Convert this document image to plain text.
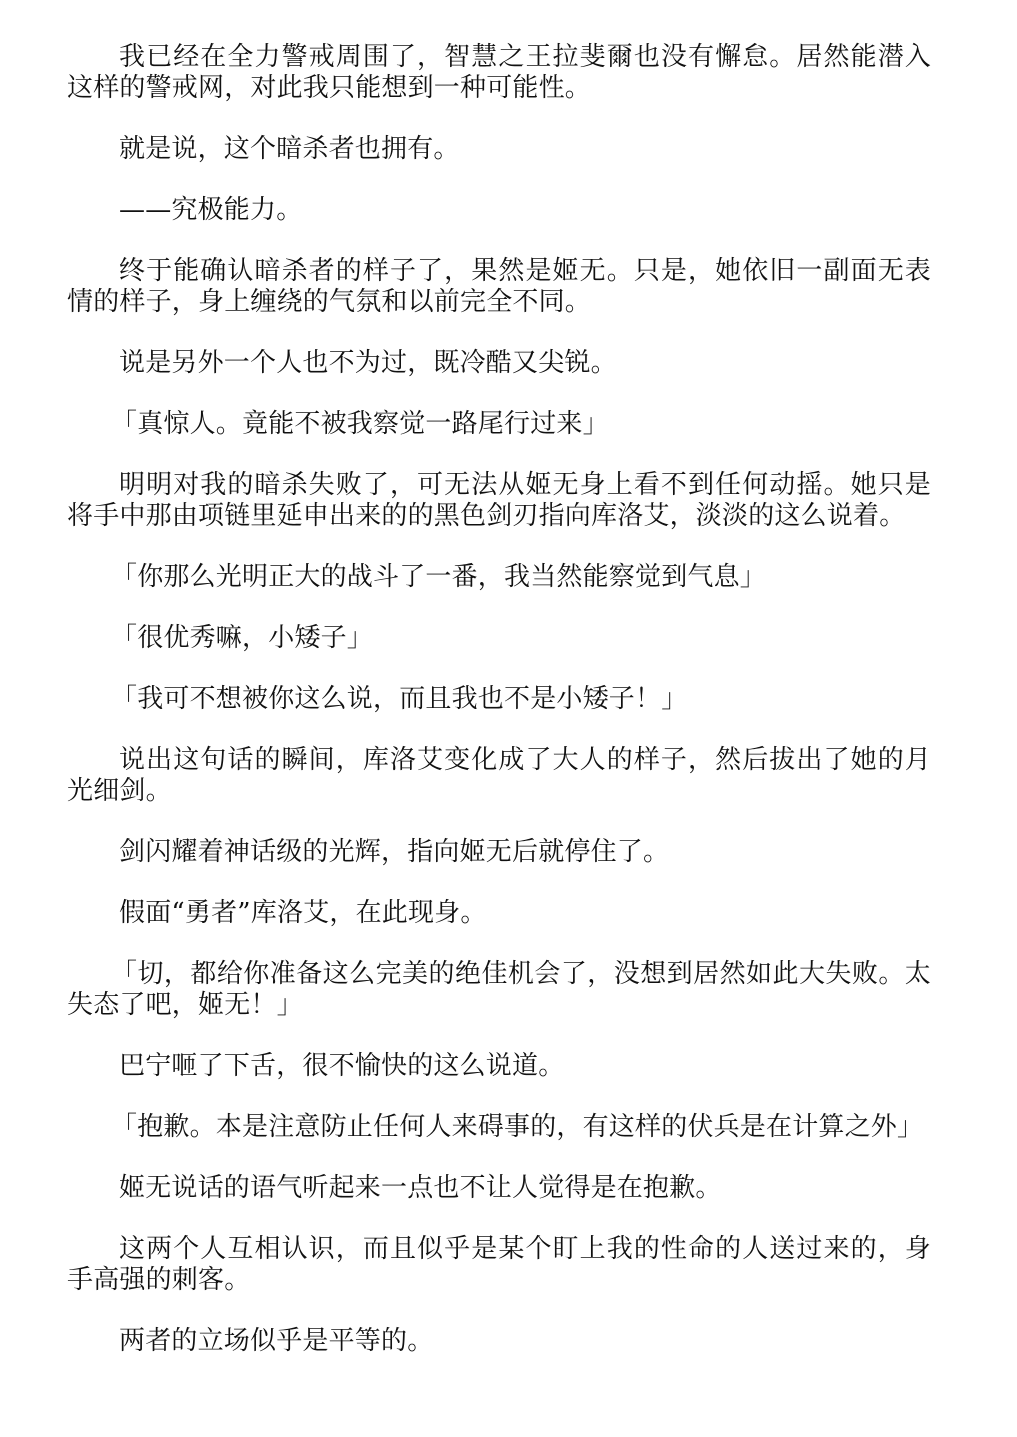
我已经在全力警戒周围了，智慧之王拉斐爾也没有懈怠。居然能潜入这样的警戒网，对此我只能想到一种可能性。

就是说，这个暗杀者也拥有。

——究极能力。

终于能确认暗杀者的样子了，果然是姬无。只是，她依旧一副面无表情的样子，身上缠绕的气氛和以前完全不同。

说是另外一个人也不为过，既冷酷又尖锐。

「真惊人。竟能不被我察觉一路尾行过来」

明明对我的暗杀失败了，可无法从姬无身上看不到任何动摇。她只是将手中那由项链里延申出来的的黑色剑刃指向库洛艾，淡淡的这么说着。

「你那么光明正大的战斗了一番，我当然能察觉到气息」

「很优秀嘛，小矮子」

「我可不想被你这么说，而且我也不是小矮子！」

说出这句话的瞬间，库洛艾变化成了大人的样子，然后拔出了她的月光细剑。

剑闪耀着神话级的光辉，指向姬无后就停住了。

假面“勇者”库洛艾，在此现身。

「切，都给你准备这么完美的绝佳机会了，没想到居然如此大失败。太失态了吧，姬无！」

巴宁咂了下舌，很不愉快的这么说道。

「抱歉。本是注意防止任何人来碍事的，有这样的伏兵是在计算之外」

姬无说话的语气听起来一点也不让人觉得是在抱歉。

这两个人互相认识，而且似乎是某个盯上我的性命的人送过来的，身手高强的刺客。

两者的立场似乎是平等的。
